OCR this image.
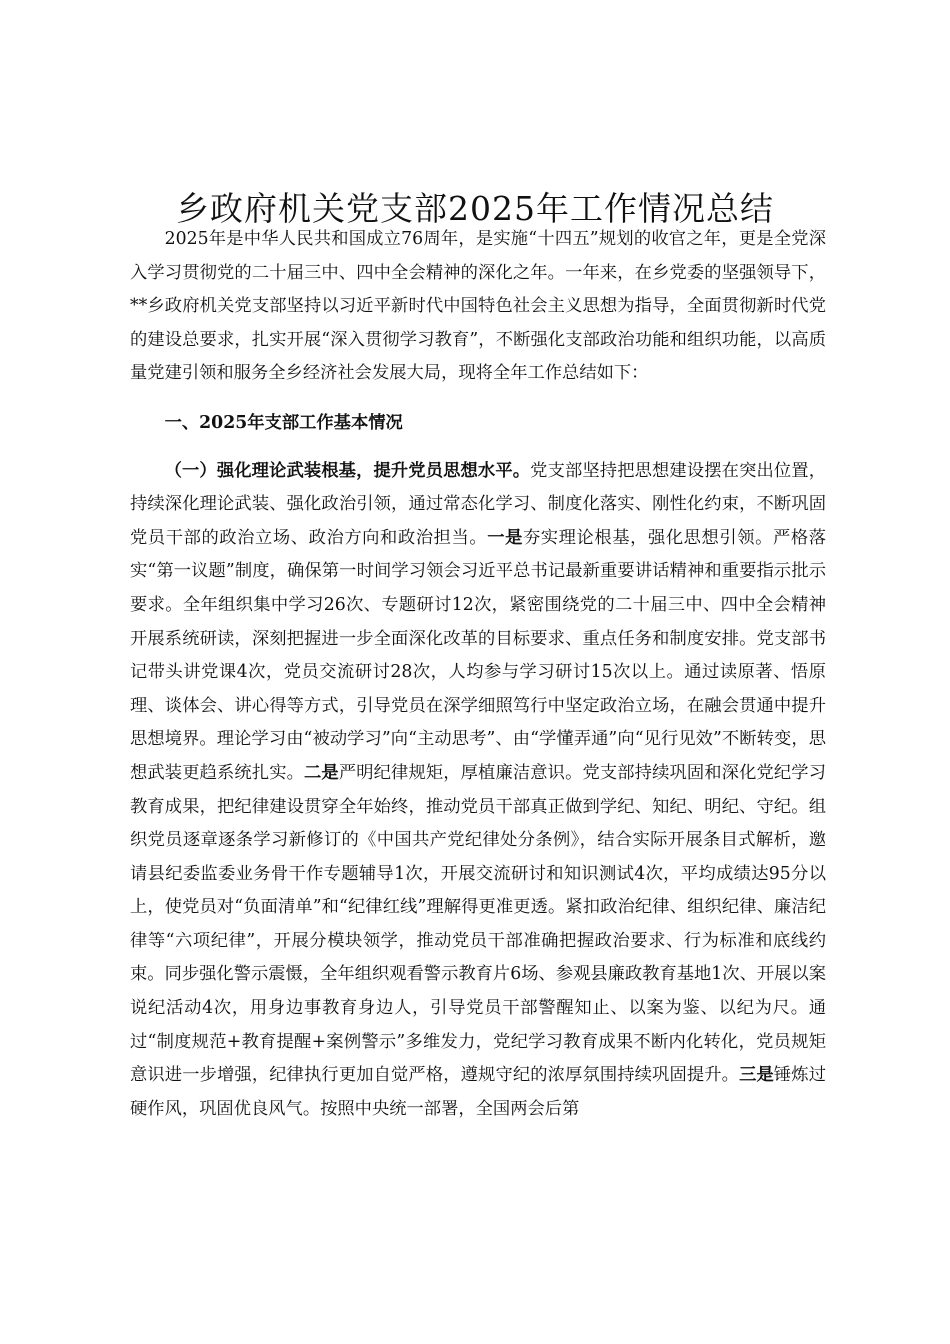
乡政府机关党支部2025年工作情况总结

2025年是中华人民共和国成立76周年，是实施“十四五”规划的收官之年，更是全党深入学习贯彻党的二十届三中、四中全会精神的深化之年。一年来，在乡党委的坚强领导下，**乡政府机关党支部坚持以习近平新时代中国特色社会主义思想为指导，全面贯彻新时代党的建设总要求，扎实开展“深入贯彻学习教育”，不断强化支部政治功能和组织功能，以高质量党建引领和服务全乡经济社会发展大局，现将全年工作总结如下：

一、2025年支部工作基本情况

（一）强化理论武装根基，提升党员思想水平。党支部坚持把思想建设摆在突出位置，持续深化理论武装、强化政治引领，通过常态化学习、制度化落实、刚性化约束，不断巩固党员干部的政治立场、政治方向和政治担当。一是夯实理论根基，强化思想引领。严格落实“第一议题”制度，确保第一时间学习领会习近平总书记最新重要讲话精神和重要指示批示要求。全年组织集中学习26次、专题研讨12次，紧密围绕党的二十届三中、四中全会精神开展系统研读，深刻把握进一步全面深化改革的目标要求、重点任务和制度安排。党支部书记带头讲党课4次，党员交流研讨28次，人均参与学习研讨15次以上。通过读原著、悟原理、谈体会、讲心得等方式，引导党员在深学细照笃行中坚定政治立场，在融会贯通中提升思想境界。理论学习由“被动学习”向“主动思考”、由“学懂弄通”向“见行见效”不断转变，思想武装更趋系统扎实。二是严明纪律规矩，厚植廉洁意识。党支部持续巩固和深化党纪学习教育成果，把纪律建设贯穿全年始终，推动党员干部真正做到学纪、知纪、明纪、守纪。组织党员逐章逐条学习新修订的《中国共产党纪律处分条例》，结合实际开展条目式解析，邀请县纪委监委业务骨干作专题辅导1次，开展交流研讨和知识测试4次，平均成绩达95分以上，使党员对“负面清单”和“纪律红线”理解得更准更透。紧扣政治纪律、组织纪律、廉洁纪律等“六项纪律”，开展分模块领学，推动党员干部准确把握政治要求、行为标准和底线约束。同步强化警示震慑，全年组织观看警示教育片6场、参观县廉政教育基地1次、开展以案说纪活动4次，用身边事教育身边人，引导党员干部警醒知止、以案为鉴、以纪为尺。通过“制度规范+教育提醒+案例警示”多维发力，党纪学习教育成果不断内化转化，党员规矩意识进一步增强，纪律执行更加自觉严格，遵规守纪的浓厚氛围持续巩固提升。三是锤炼过硬作风，巩固优良风气。按照中央统一部署，全国两会后第
